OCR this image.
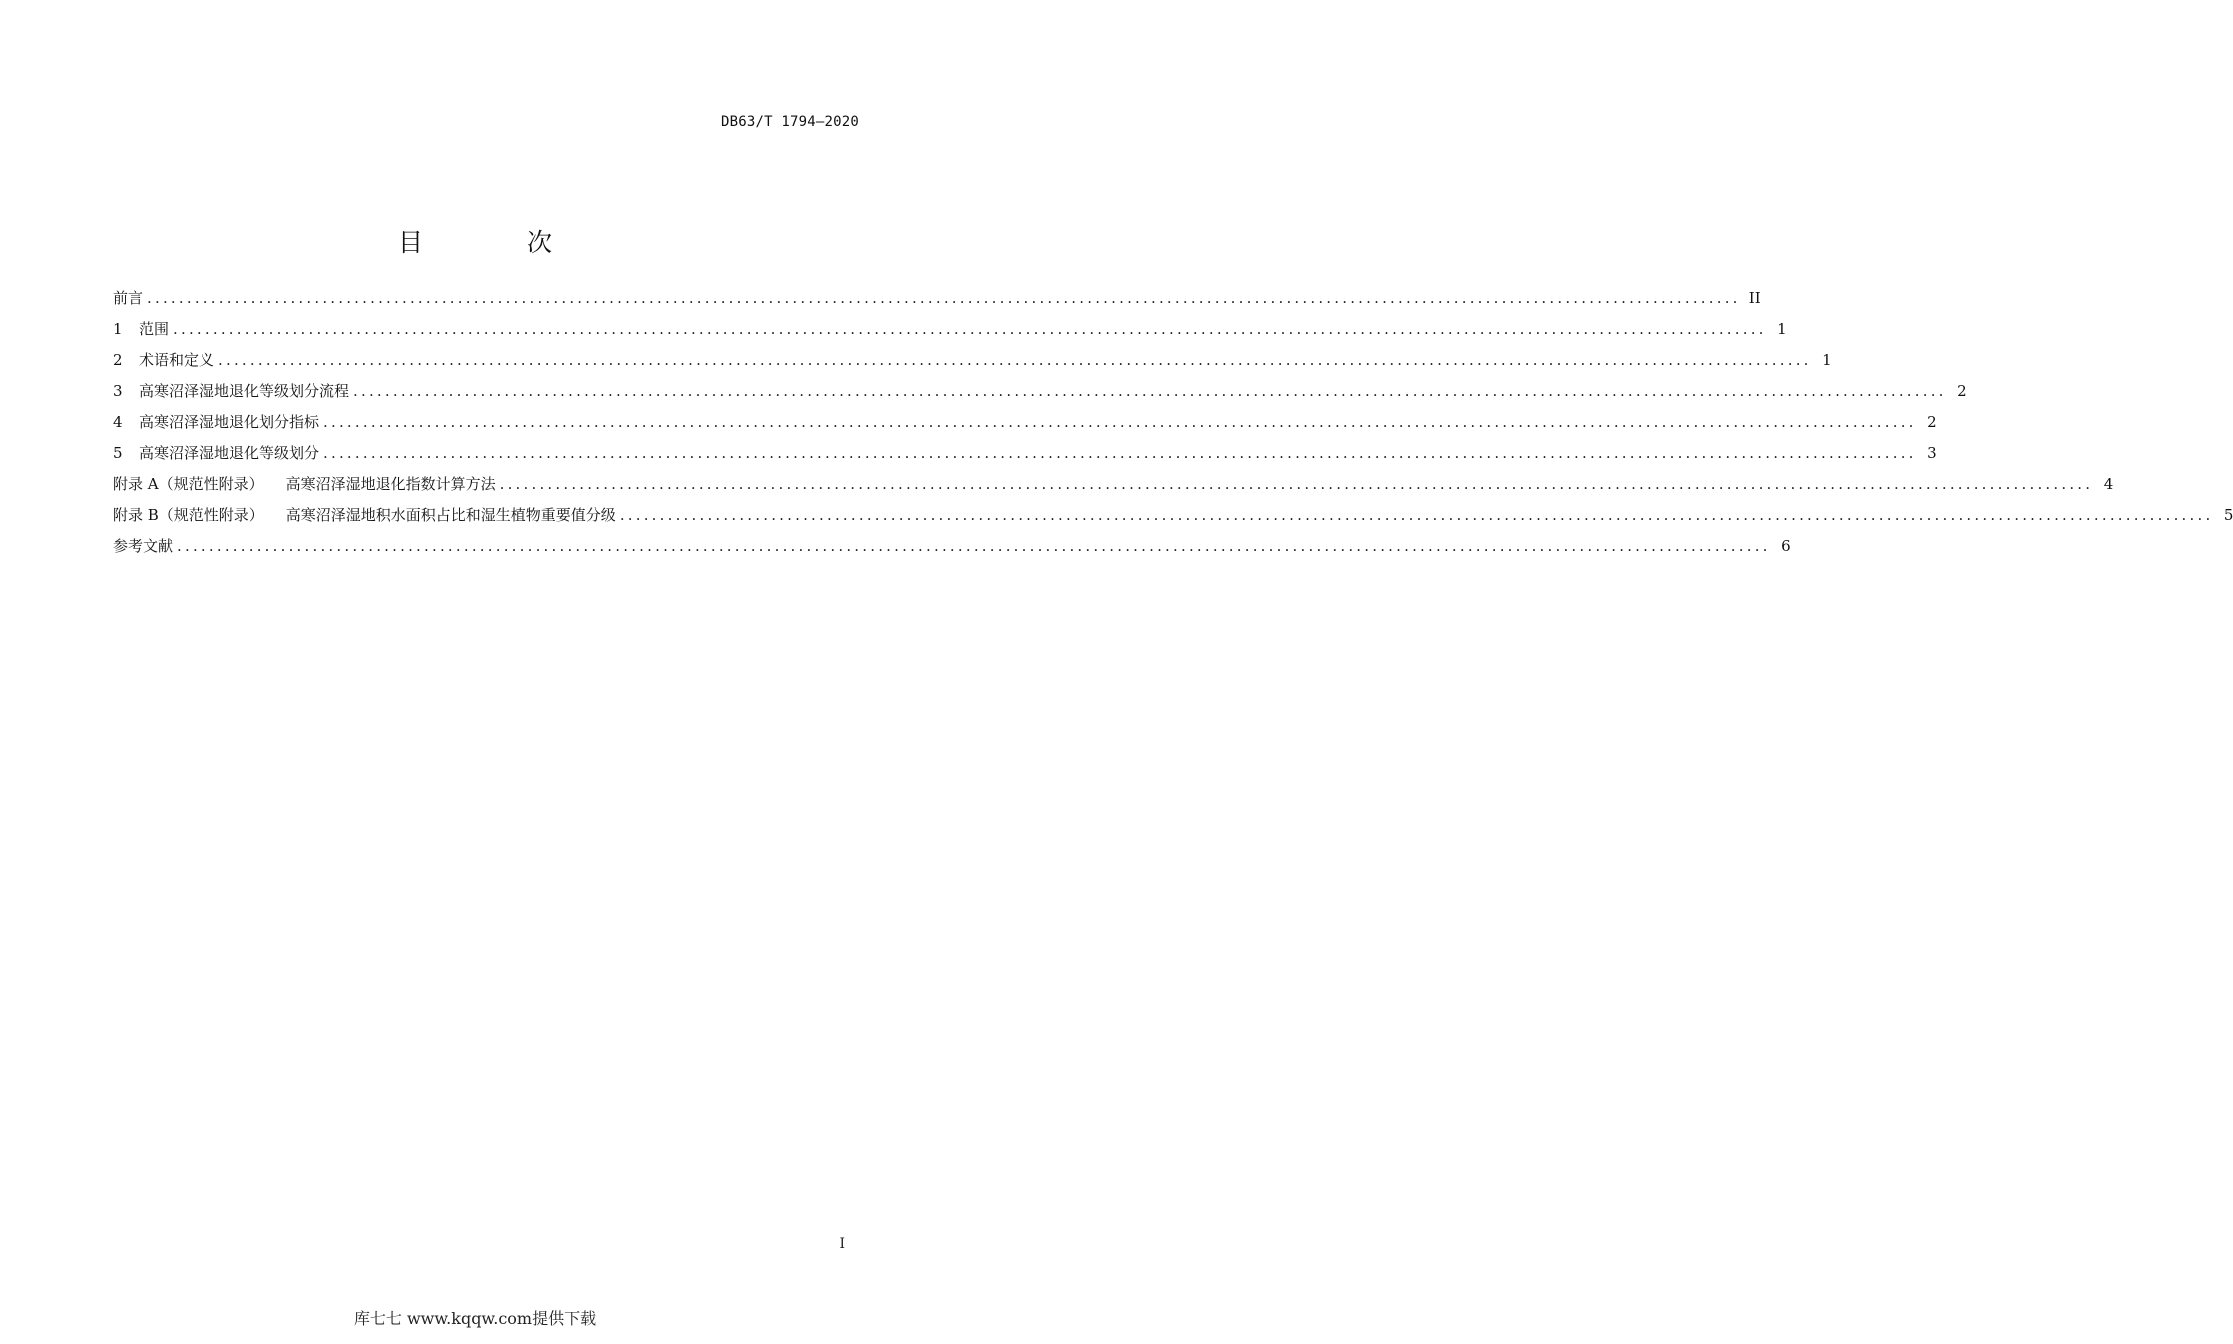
DB63/T 1794—2020
目 次
前言 ........................................................................................................................................................................................................ II
1	范围 ........................................................................................................................................................................................................ 1
2	术语和定义 ........................................................................................................................................................................................................ 1
3	高寒沼泽湿地退化等级划分流程 ........................................................................................................................................................................................................ 2
4	高寒沼泽湿地退化划分指标 ........................................................................................................................................................................................................ 2
5	高寒沼泽湿地退化等级划分 ........................................................................................................................................................................................................ 3
附录 A（规范性附录） 高寒沼泽湿地退化指数计算方法 ........................................................................................................................................................................................................ 4
附录 B（规范性附录） 高寒沼泽湿地积水面积占比和湿生植物重要值分级 ........................................................................................................................................................................................................ 5
参考文献 ........................................................................................................................................................................................................ 6
I
库七七 www.kqqw.com提供下载
